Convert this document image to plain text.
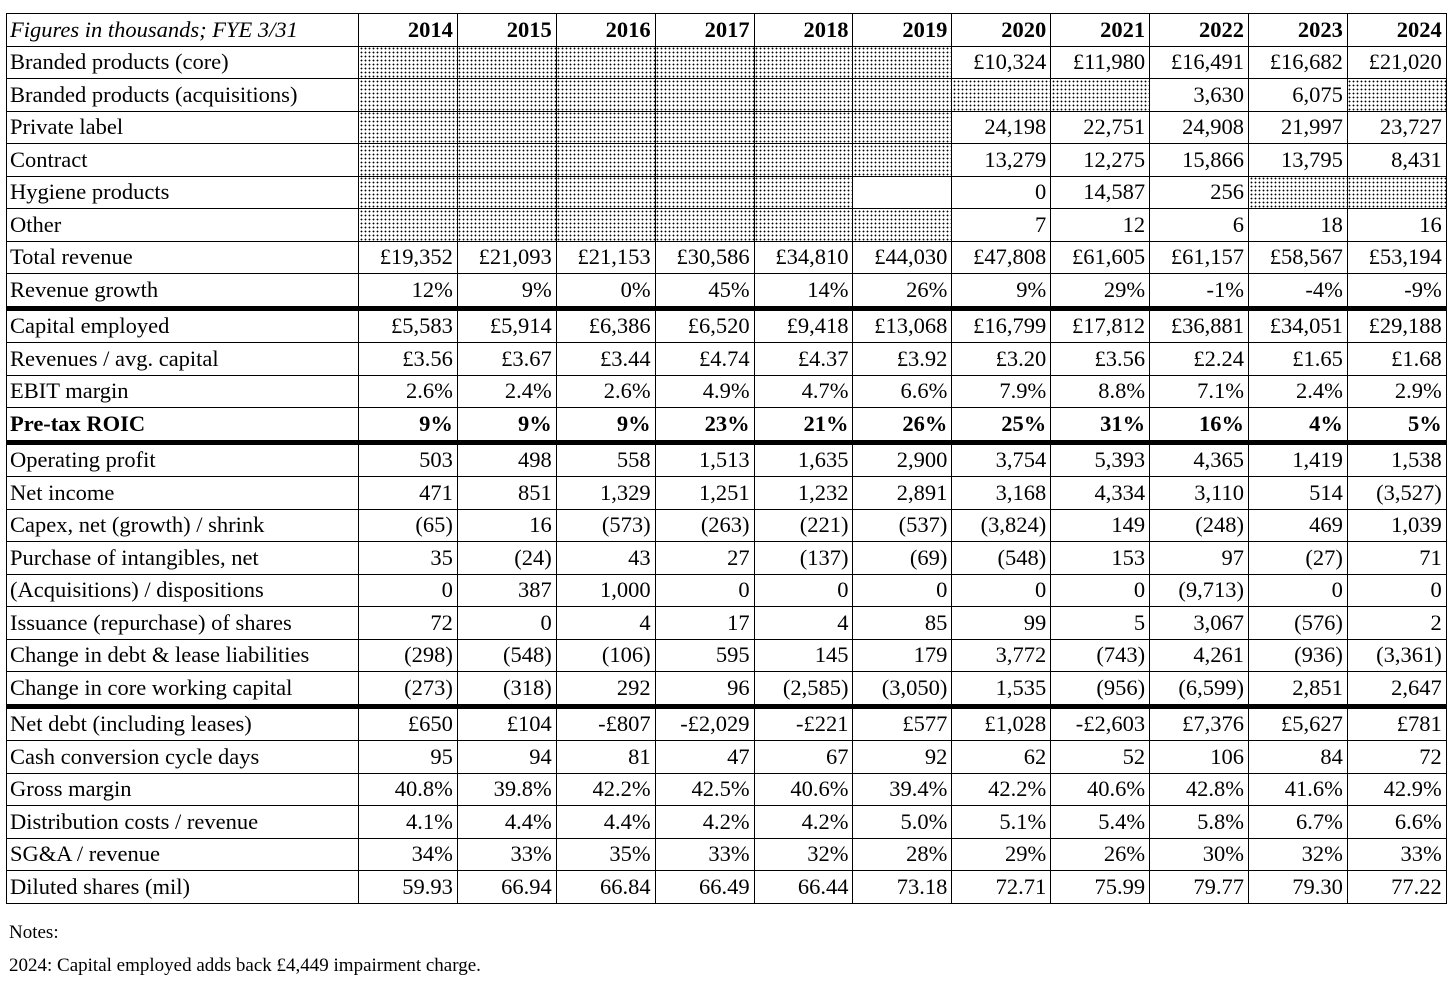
Figures in thousands; FYE 3/31	2014	2015	2016	2017	2018	2019	2020	2021	2022	2023	2024
Branded products (core)							£10,324	£11,980	£16,491	£16,682	£21,020
Branded products (acquisitions)									3,630	6,075	
Private label							24,198	22,751	24,908	21,997	23,727
Contract							13,279	12,275	15,866	13,795	8,431
Hygiene products							0	14,587	256		
Other							7	12	6	18	16
Total revenue	£19,352	£21,093	£21,153	£30,586	£34,810	£44,030	£47,808	£61,605	£61,157	£58,567	£53,194
Revenue growth	12%	9%	0%	45%	14%	26%	9%	29%	-1%	-4%	-9%
Capital employed	£5,583	£5,914	£6,386	£6,520	£9,418	£13,068	£16,799	£17,812	£36,881	£34,051	£29,188
Revenues / avg. capital	£3.56	£3.67	£3.44	£4.74	£4.37	£3.92	£3.20	£3.56	£2.24	£1.65	£1.68
EBIT margin	2.6%	2.4%	2.6%	4.9%	4.7%	6.6%	7.9%	8.8%	7.1%	2.4%	2.9%
Pre-tax ROIC	9%	9%	9%	23%	21%	26%	25%	31%	16%	4%	5%
Operating profit	503	498	558	1,513	1,635	2,900	3,754	5,393	4,365	1,419	1,538
Net income	471	851	1,329	1,251	1,232	2,891	3,168	4,334	3,110	514	(3,527)
Capex, net (growth) / shrink	(65)	16	(573)	(263)	(221)	(537)	(3,824)	149	(248)	469	1,039
Purchase of intangibles, net	35	(24)	43	27	(137)	(69)	(548)	153	97	(27)	71
(Acquisitions) / dispositions	0	387	1,000	0	0	0	0	0	(9,713)	0	0
Issuance (repurchase) of shares	72	0	4	17	4	85	99	5	3,067	(576)	2
Change in debt & lease liabilities	(298)	(548)	(106)	595	145	179	3,772	(743)	4,261	(936)	(3,361)
Change in core working capital	(273)	(318)	292	96	(2,585)	(3,050)	1,535	(956)	(6,599)	2,851	2,647
Net debt (including leases)	£650	£104	-£807	-£2,029	-£221	£577	£1,028	-£2,603	£7,376	£5,627	£781
Cash conversion cycle days	95	94	81	47	67	92	62	52	106	84	72
Gross margin	40.8%	39.8%	42.2%	42.5%	40.6%	39.4%	42.2%	40.6%	42.8%	41.6%	42.9%
Distribution costs / revenue	4.1%	4.4%	4.4%	4.2%	4.2%	5.0%	5.1%	5.4%	5.8%	6.7%	6.6%
SG&A / revenue	34%	33%	35%	33%	32%	28%	29%	26%	30%	32%	33%
Diluted shares (mil)	59.93	66.94	66.84	66.49	66.44	73.18	72.71	75.99	79.77	79.30	77.22
Notes:
2024: Capital employed adds back £4,449 impairment charge.
